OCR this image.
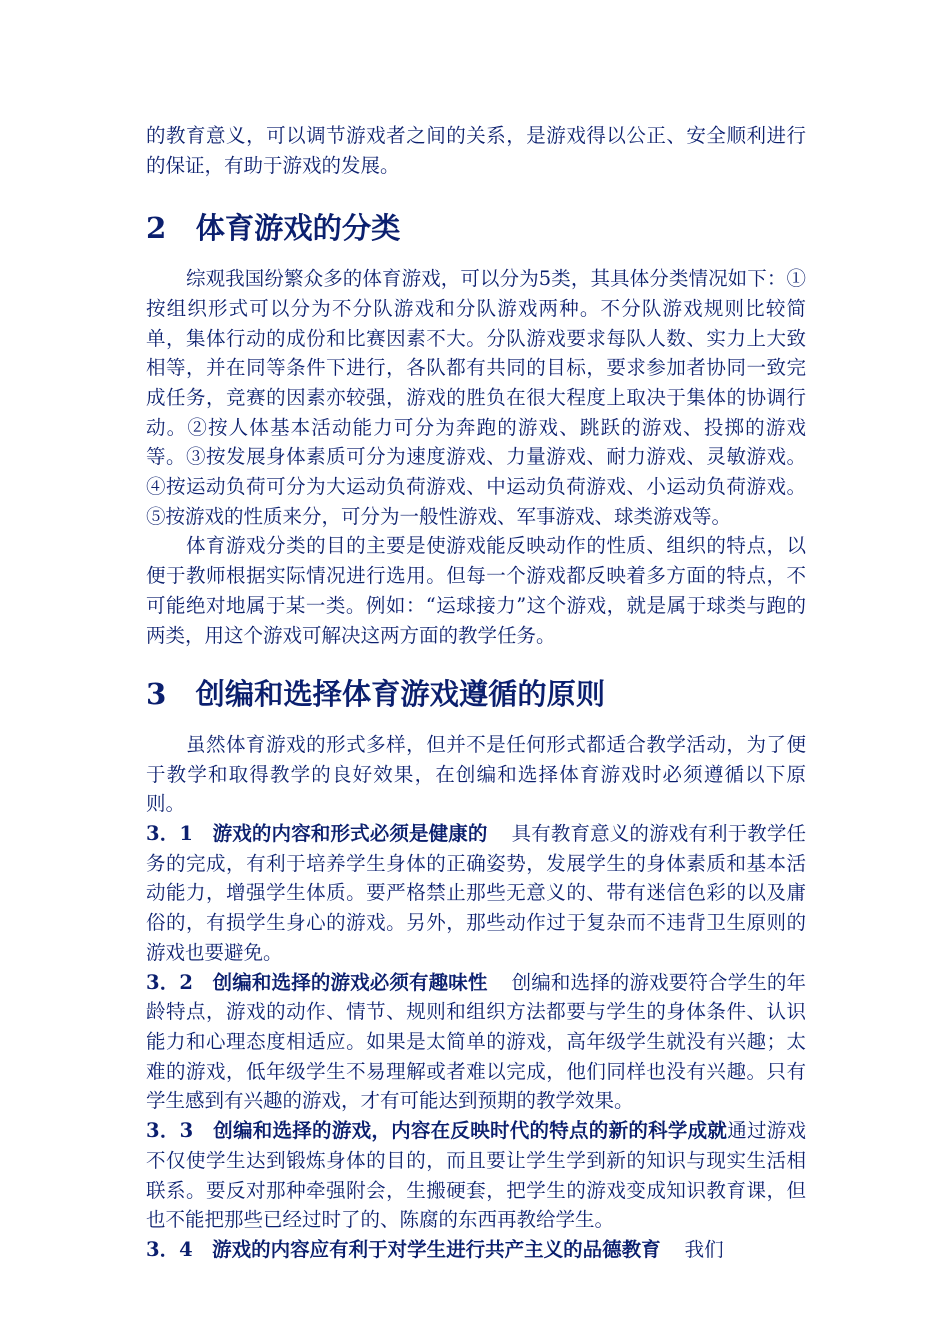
的教育意义，可以调节游戏者之间的关系，是游戏得以公正、安全顺利进行的保证，有助于游戏的发展。

2　体育游戏的分类

综观我国纷繁众多的体育游戏，可以分为5类，其具体分类情况如下：①按组织形式可以分为不分队游戏和分队游戏两种。不分队游戏规则比较简单，集体行动的成份和比赛因素不大。分队游戏要求每队人数、实力上大致相等，并在同等条件下进行，各队都有共同的目标，要求参加者协同一致完成任务，竞赛的因素亦较强，游戏的胜负在很大程度上取决于集体的协调行动。②按人体基本活动能力可分为奔跑的游戏、跳跃的游戏、投掷的游戏等。③按发展身体素质可分为速度游戏、力量游戏、耐力游戏、灵敏游戏。④按运动负荷可分为大运动负荷游戏、中运动负荷游戏、小运动负荷游戏。⑤按游戏的性质来分，可分为一般性游戏、军事游戏、球类游戏等。

体育游戏分类的目的主要是使游戏能反映动作的性质、组织的特点，以便于教师根据实际情况进行选用。但每一个游戏都反映着多方面的特点，不可能绝对地属于某一类。例如：“运球接力”这个游戏，就是属于球类与跑的两类，用这个游戏可解决这两方面的教学任务。

3　创编和选择体育游戏遵循的原则

虽然体育游戏的形式多样，但并不是任何形式都适合教学活动，为了便于教学和取得教学的良好效果，在创编和选择体育游戏时必须遵循以下原则。

3．1　游戏的内容和形式必须是健康的 具有教育意义的游戏有利于教学任务的完成，有利于培养学生身体的正确姿势，发展学生的身体素质和基本活动能力，增强学生体质。要严格禁止那些无意义的、带有迷信色彩的以及庸俗的，有损学生身心的游戏。另外，那些动作过于复杂而不违背卫生原则的游戏也要避免。

3．2　创编和选择的游戏必须有趣味性 创编和选择的游戏要符合学生的年龄特点，游戏的动作、情节、规则和组织方法都要与学生的身体条件、认识能力和心理态度相适应。如果是太简单的游戏，高年级学生就没有兴趣；太难的游戏，低年级学生不易理解或者难以完成，他们同样也没有兴趣。只有学生感到有兴趣的游戏，才有可能达到预期的教学效果。

3．3　创编和选择的游戏，内容在反映时代的特点的新的科学成就通过游戏不仅使学生达到锻炼身体的目的，而且要让学生学到新的知识与现实生活相联系。要反对那种牵强附会，生搬硬套，把学生的游戏变成知识教育课，但也不能把那些已经过时了的、陈腐的东西再教给学生。

3．4　游戏的内容应有利于对学生进行共产主义的品德教育 我们
